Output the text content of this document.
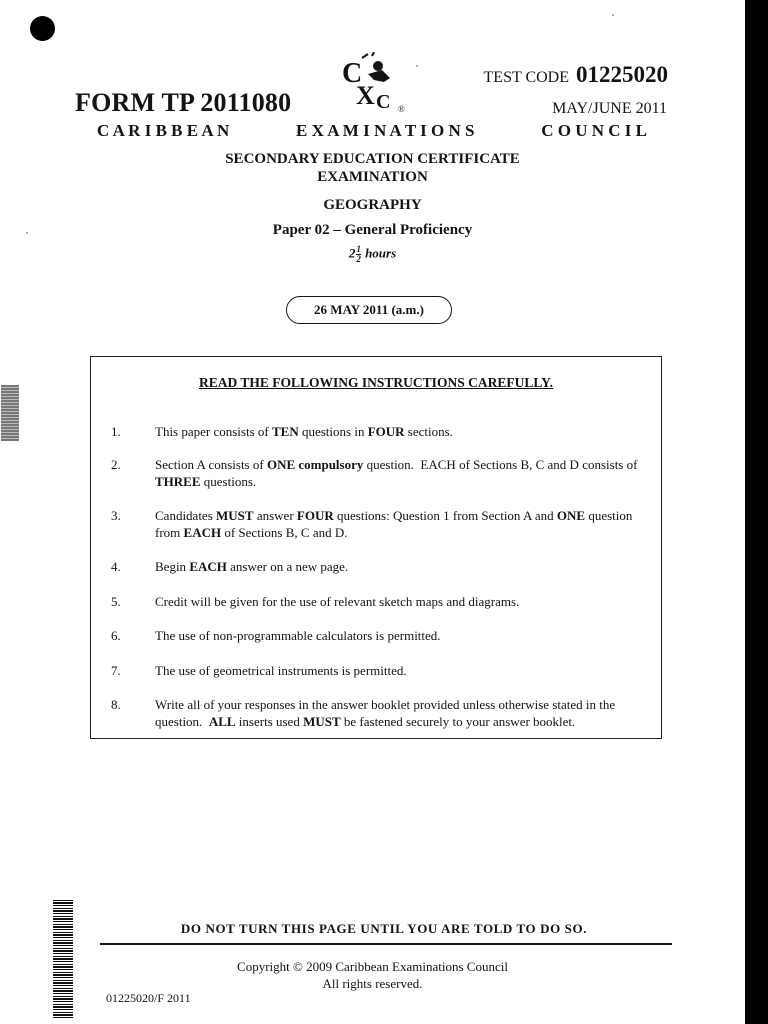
FORM TP 2011080
C
X C ®
TEST CODE 01225020
MAY/JUNE 2011
C A R I B B E A N	E X A M I N A T I O N S	C O U N C I L
SECONDARY EDUCATION CERTIFICATE
EXAMINATION
GEOGRAPHY
Paper 02 – General Proficiency
$2 \frac{1}{2}$ hours
26 MAY 2011 (a.m.)
READ THE FOLLOWING INSTRUCTIONS CAREFULLY.
1.	This paper consists of TEN questions in FOUR sections.
2.	Section A consists of ONE compulsory question.  EACH of Sections B, C and D consists of THREE questions.
3.	Candidates MUST answer FOUR questions: Question 1 from Section A and ONE question from EACH of Sections B, C and D.
4.	Begin EACH answer on a new page.
5.	Credit will be given for the use of relevant sketch maps and diagrams.
6.	The use of non-programmable calculators is permitted.
7.	The use of geometrical instruments is permitted.
8.	Write all of your responses in the answer booklet provided unless otherwise stated in the question.  ALL inserts used MUST be fastened securely to your answer booklet.
DO NOT TURN THIS PAGE UNTIL YOU ARE TOLD TO DO SO.
Copyright © 2009 Caribbean Examinations Council
All rights reserved.
01225020/F 2011
